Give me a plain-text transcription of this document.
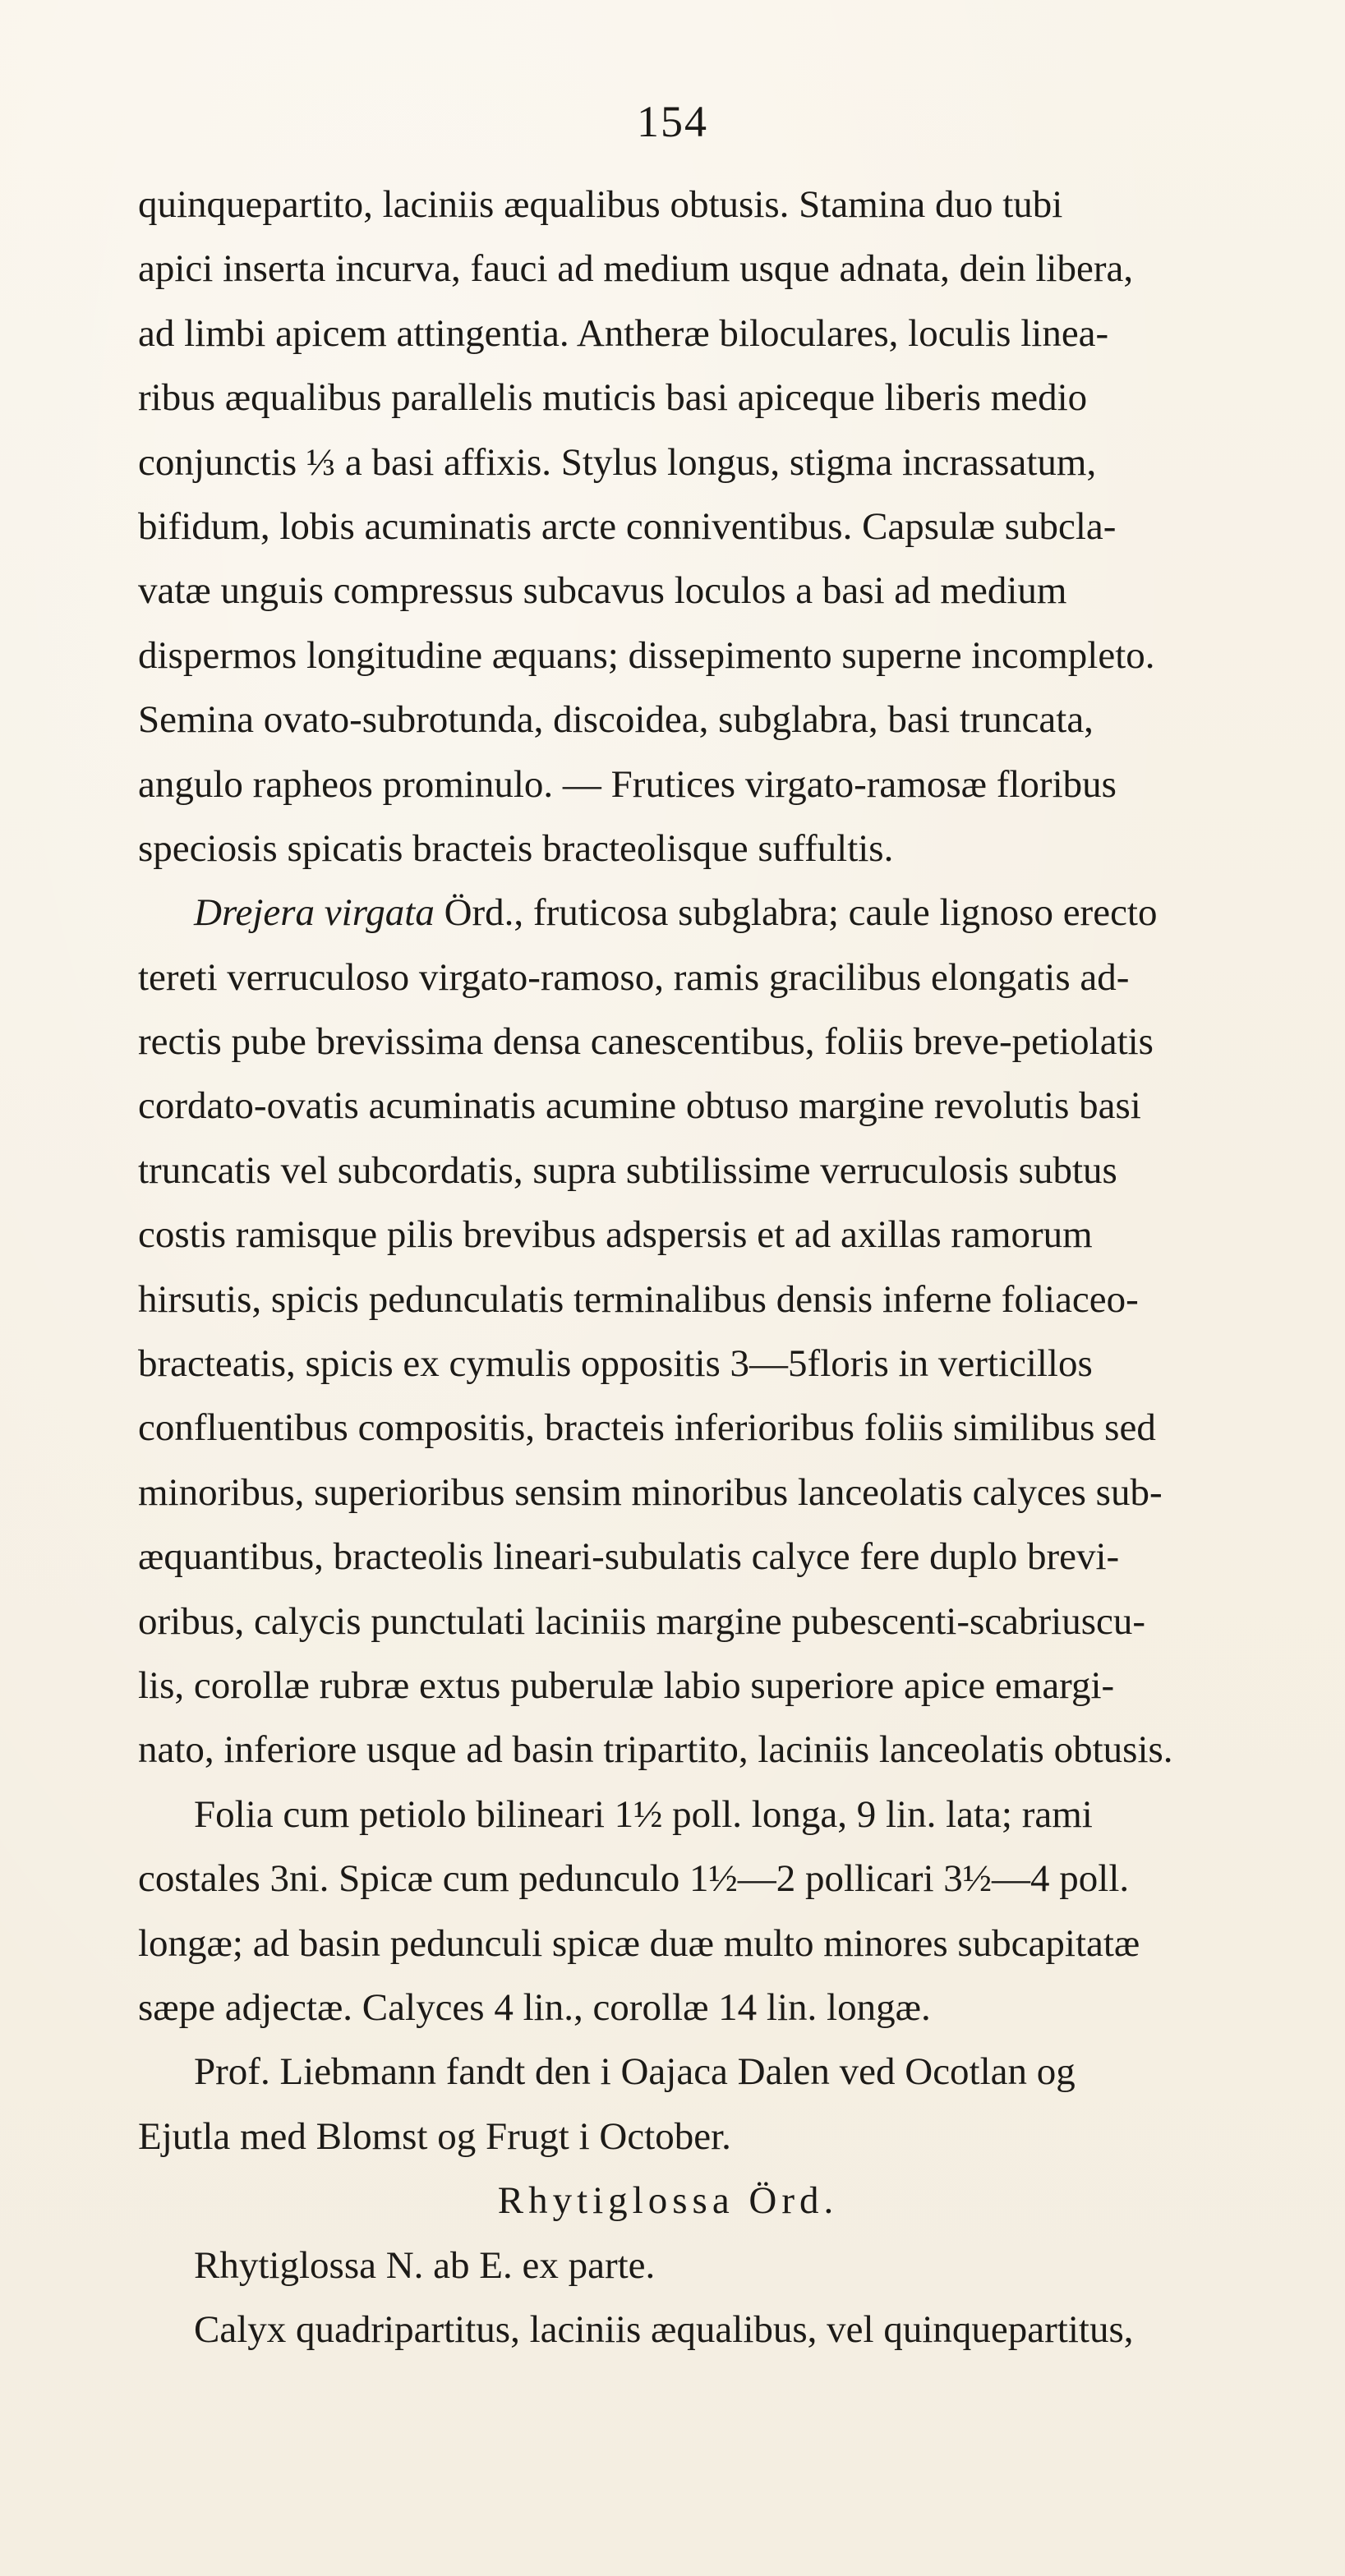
154
quinquepartito, laciniis æqualibus obtusis. Stamina duo tubi
apici inserta incurva, fauci ad medium usque adnata, dein libera,
ad limbi apicem attingentia. Antheræ biloculares, loculis linea-
ribus æqualibus parallelis muticis basi apiceque liberis medio
conjunctis ⅓ a basi affixis. Stylus longus, stigma incrassatum,
bifidum, lobis acuminatis arcte conniventibus. Capsulæ subcla-
vatæ unguis compressus subcavus loculos a basi ad medium
dispermos longitudine æquans; dissepimento superne incompleto.
Semina ovato-subrotunda, discoidea, subglabra, basi truncata,
angulo rapheos prominulo. — Frutices virgato-ramosæ floribus
speciosis spicatis bracteis bracteolisque suffultis.
Drejera virgata Örd., fruticosa subglabra; caule lignoso erecto
tereti verruculoso virgato-ramoso, ramis gracilibus elongatis ad-
rectis pube brevissima densa canescentibus, foliis breve-petiolatis
cordato-ovatis acuminatis acumine obtuso margine revolutis basi
truncatis vel subcordatis, supra subtilissime verruculosis subtus
costis ramisque pilis brevibus adspersis et ad axillas ramorum
hirsutis, spicis pedunculatis terminalibus densis inferne foliaceo-
bracteatis, spicis ex cymulis oppositis 3—5floris in verticillos
confluentibus compositis, bracteis inferioribus foliis similibus sed
minoribus, superioribus sensim minoribus lanceolatis calyces sub-
æquantibus, bracteolis lineari-subulatis calyce fere duplo brevi-
oribus, calycis punctulati laciniis margine pubescenti-scabriuscu-
lis, corollæ rubræ extus puberulæ labio superiore apice emargi-
nato, inferiore usque ad basin tripartito, laciniis lanceolatis obtusis.
Folia cum petiolo bilineari 1½ poll. longa, 9 lin. lata; rami
costales 3ni. Spicæ cum pedunculo 1½—2 pollicari 3½—4 poll.
longæ; ad basin pedunculi spicæ duæ multo minores subcapitatæ
sæpe adjectæ. Calyces 4 lin., corollæ 14 lin. longæ.
Prof. Liebmann fandt den i Oajaca Dalen ved Ocotlan og
Ejutla med Blomst og Frugt i October.
Rhytiglossa Örd.
Rhytiglossa N. ab E. ex parte.
Calyx quadripartitus, laciniis æqualibus, vel quinquepartitus,
